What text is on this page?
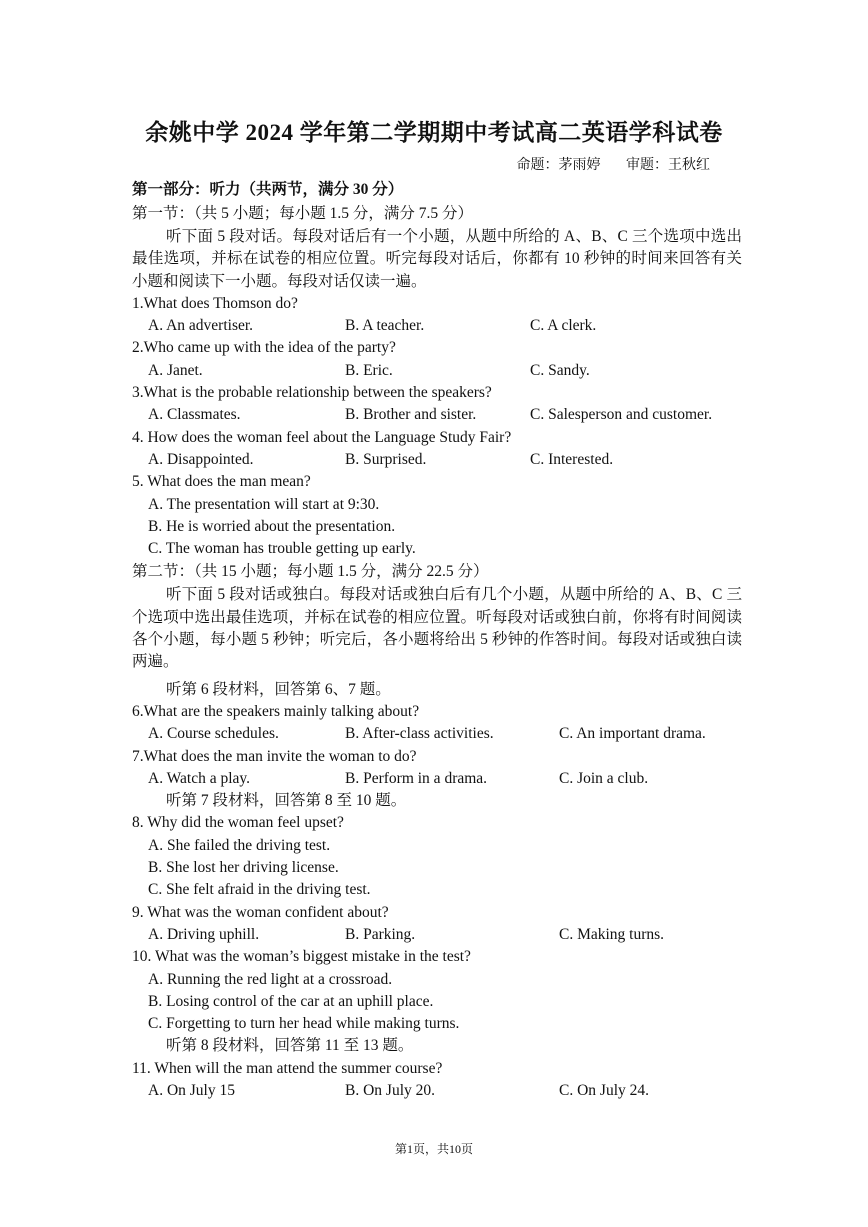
余姚中学 2024 学年第二学期期中考试高二英语学科试卷
命题：茅雨婷 审题：王秋红
第一部分：听力（共两节，满分 30 分）
第一节：（共 5 小题；每小题 1.5 分，满分 7.5 分）
听下面 5 段对话。每段对话后有一个小题，从题中所给的 A、B、C 三个选项中选出最佳选项，并标在试卷的相应位置。听完每段对话后，你都有 10 秒钟的时间来回答有关小题和阅读下一小题。每段对话仅读一遍。
1.What does Thomson do?
A. An advertiser.	B. A teacher.	C. A clerk.
2.Who came up with the idea of the party?
A. Janet.	B. Eric.	C. Sandy.
3.What is the probable relationship between the speakers?
A. Classmates.	B. Brother and sister.	C. Salesperson and customer.
4. How does the woman feel about the Language Study Fair?
A. Disappointed.	B. Surprised.	C. Interested.
5. What does the man mean?
A. The presentation will start at 9:30.
B. He is worried about the presentation.
C. The woman has trouble getting up early.
第二节：（共 15 小题；每小题 1.5 分，满分 22.5 分）
听下面 5 段对话或独白。每段对话或独白后有几个小题，从题中所给的 A、B、C 三个选项中选出最佳选项，并标在试卷的相应位置。听每段对话或独白前，你将有时间阅读各个小题，每小题 5 秒钟；听完后，各小题将给出 5 秒钟的作答时间。每段对话或独白读两遍。
听第 6 段材料，回答第 6、7 题。
6.What are the speakers mainly talking about?
A. Course schedules.	B. After-class activities.	C. An important drama.
7.What does the man invite the woman to do?
A. Watch a play.	B. Perform in a drama.	C. Join a club.
听第 7 段材料，回答第 8 至 10 题。
8. Why did the woman feel upset?
A. She failed the driving test.
B. She lost her driving license.
C. She felt afraid in the driving test.
9. What was the woman confident about?
A. Driving uphill.	B. Parking.	C. Making turns.
10. What was the woman’s biggest mistake in the test?
A. Running the red light at a crossroad.
B. Losing control of the car at an uphill place.
C. Forgetting to turn her head while making turns.
听第 8 段材料，回答第 11 至 13 题。
11. When will the man attend the summer course?
A. On July 15	B. On July 20.	C. On July 24.
第1页，共10页
